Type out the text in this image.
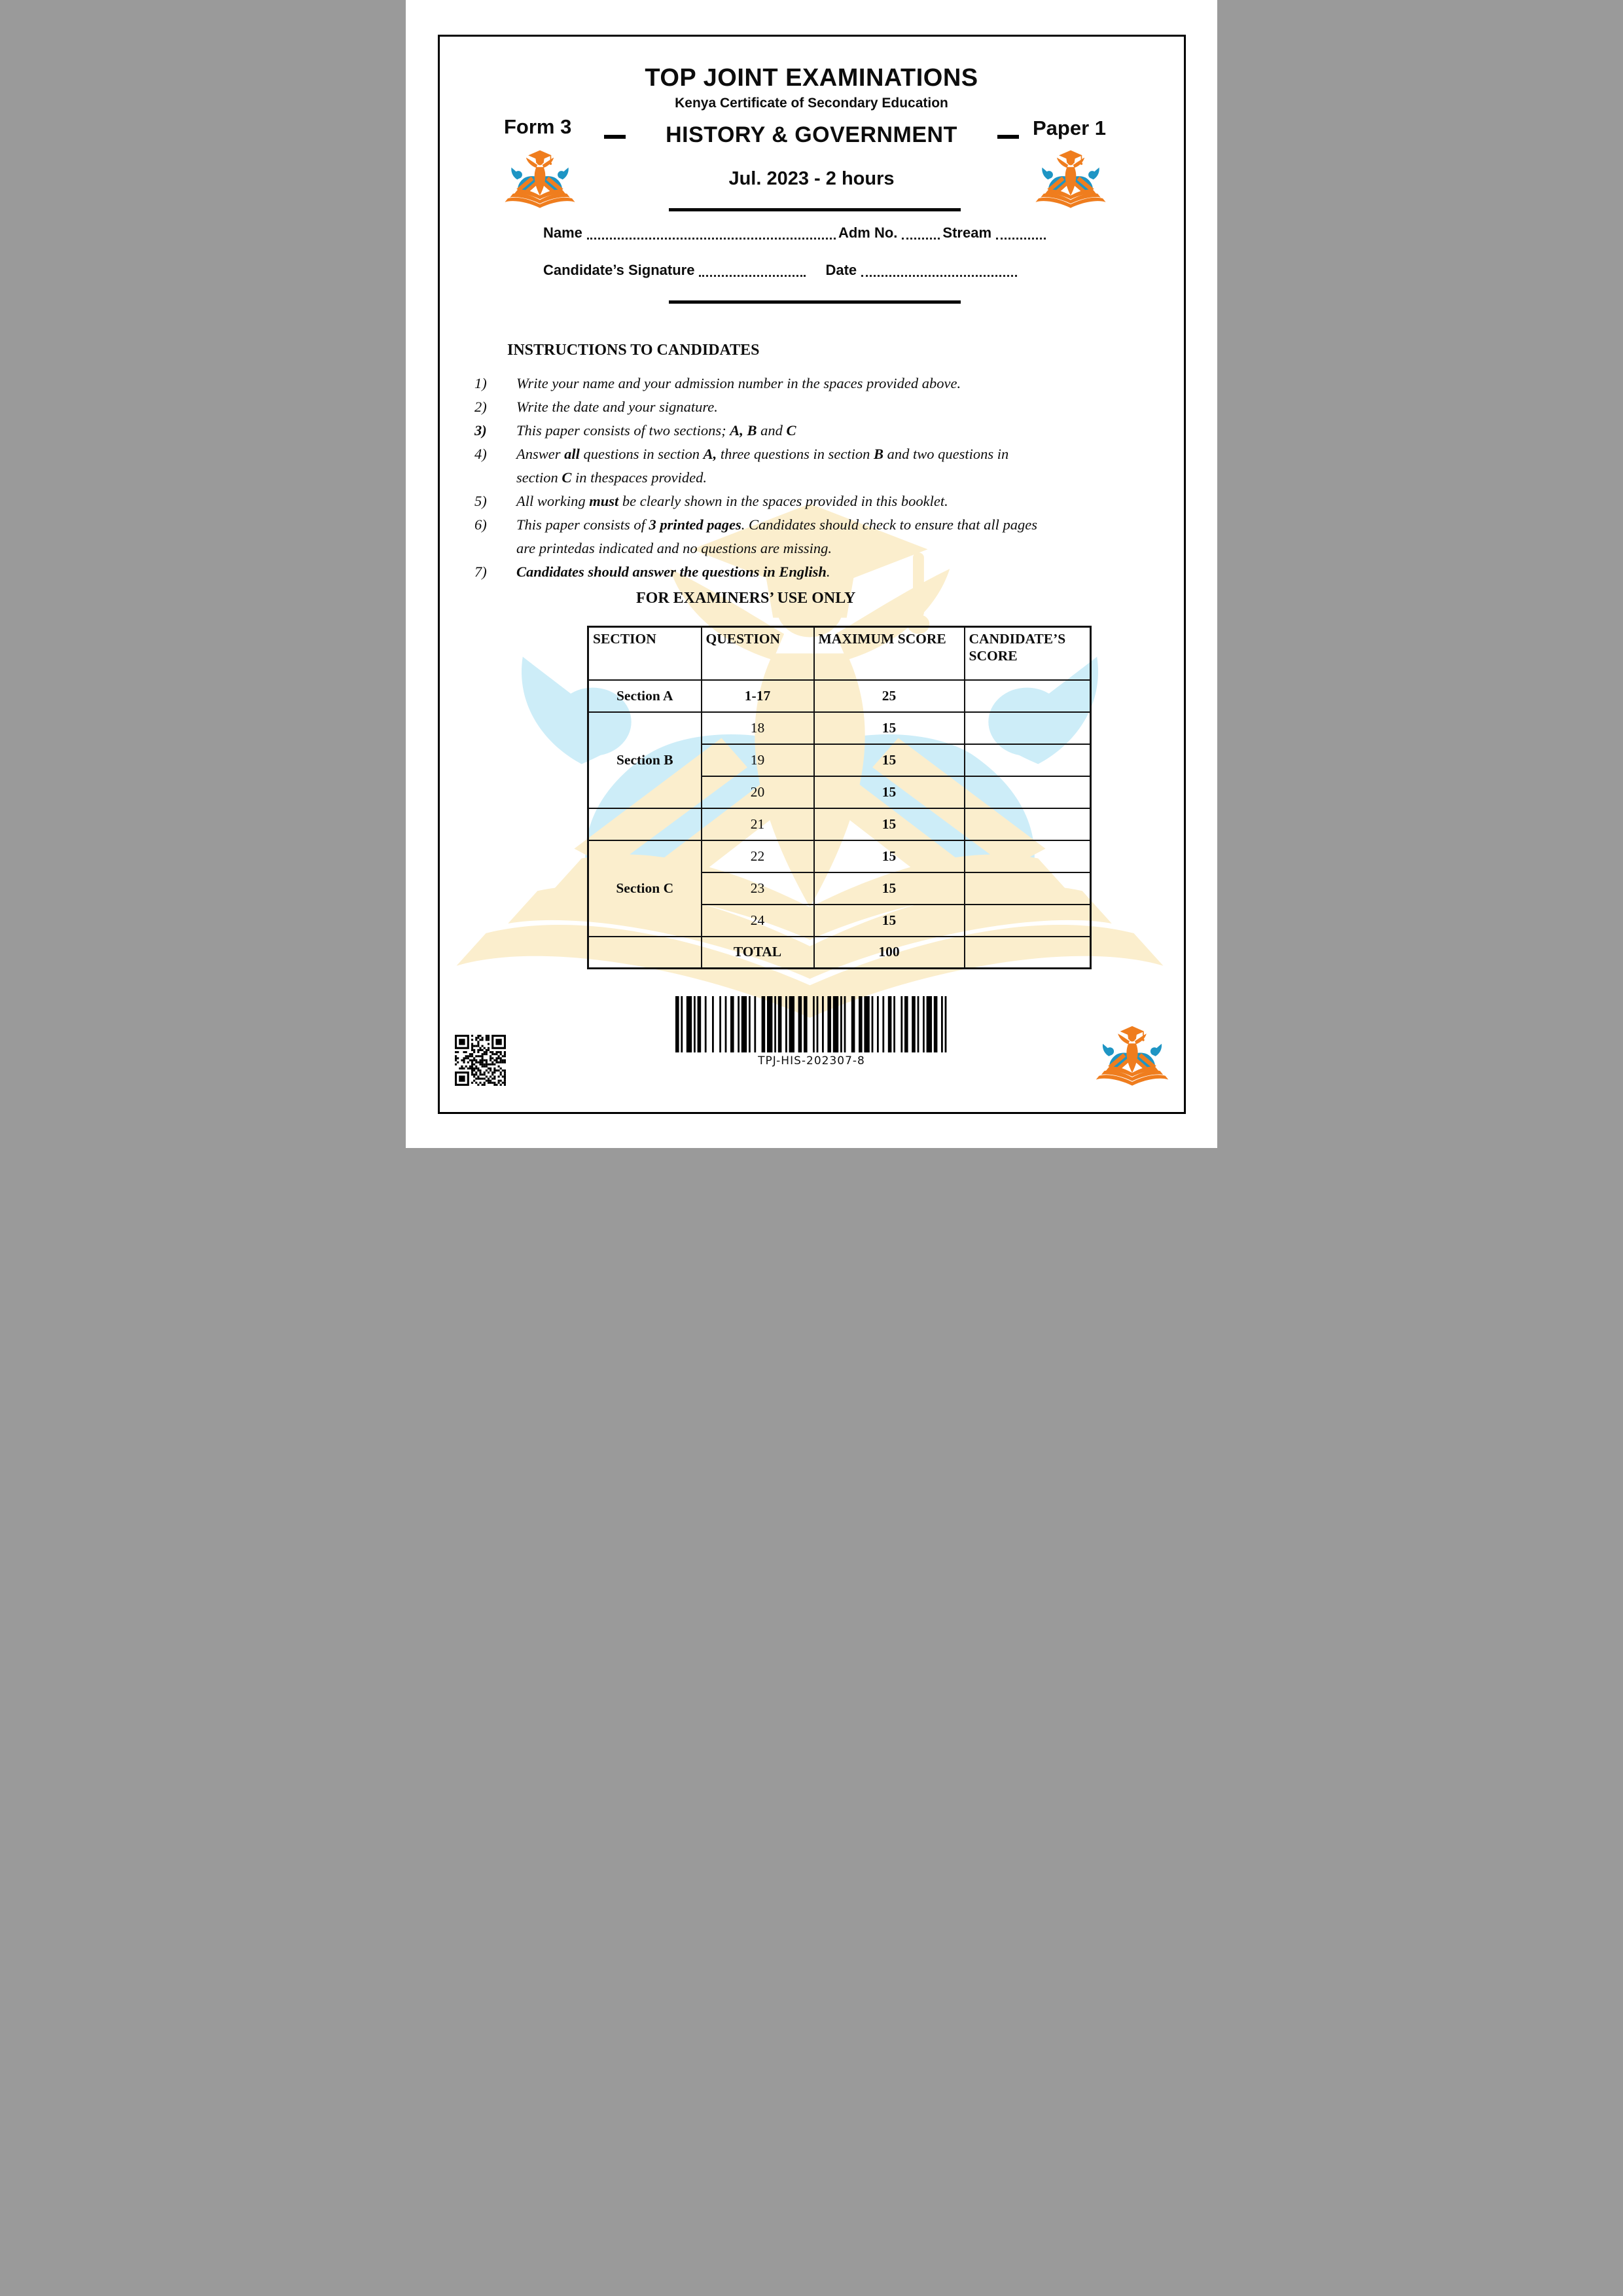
TOP JOINT EXAMINATIONS
Kenya Certificate of Secondary Education
Form 3	HISTORY & GOVERNMENT	Paper 1
Jul. 2023 - 2 hours
Name	Adm No.	Stream
Candidate’s Signature	Date
INSTRUCTIONS TO CANDIDATES
1)	Write your name and your admission number in the spaces provided above.
2)	Write the date and your signature.
3)	This paper consists of two sections; A, B and C
4)	Answer all questions in section A, three questions in section B and two questions in section C in thespaces provided.
5)	All working must be clearly shown in the spaces provided in this booklet.
6)	This paper consists of 3 printed pages. Candidates should check to ensure that all pages are printedas indicated and no questions are missing.
7)	Candidates should answer the questions in English.
FOR EXAMINERS’ USE ONLY
SECTION	QUESTION	MAXIMUM SCORE	CANDIDATE’S SCORE
Section A	1-17	25	
Section B	18	15	
	19	15	
	20	15	
	21	15	
Section C	22	15	
	23	15	
	24	15	
	TOTAL	100	
TPJ-HIS-202307-8
